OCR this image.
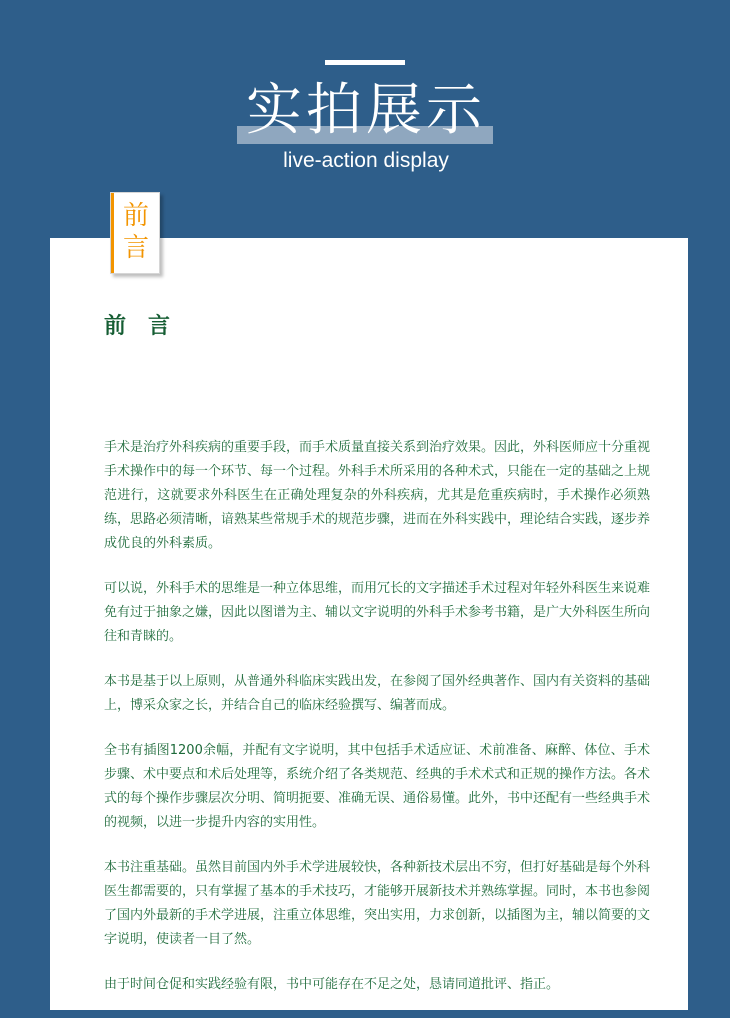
实拍展示
live-action display
前
言
前言

手术是治疗外科疾病的重要手段，而手术质量直接关系到治疗效果。因此，外科医师应十分重视手术操作中的每一个环节、每一个过程。外科手术所采用的各种术式，只能在一定的基础之上规范进行，这就要求外科医生在正确处理复杂的外科疾病，尤其是危重疾病时，手术操作必须熟练，思路必须清晰，谙熟某些常规手术的规范步骤，进而在外科实践中，理论结合实践，逐步养成优良的外科素质。

可以说，外科手术的思维是一种立体思维，而用冗长的文字描述手术过程对年轻外科医生来说难免有过于抽象之嫌，因此以图谱为主、辅以文字说明的外科手术参考书籍，是广大外科医生所向往和青睐的。

本书是基于以上原则，从普通外科临床实践出发，在参阅了国外经典著作、国内有关资料的基础上，博采众家之长，并结合自己的临床经验撰写、编著而成。

全书有插图1200余幅，并配有文字说明，其中包括手术适应证、术前准备、麻醉、体位、手术步骤、术中要点和术后处理等，系统介绍了各类规范、经典的手术术式和正规的操作方法。各术式的每个操作步骤层次分明、简明扼要、准确无误、通俗易懂。此外，书中还配有一些经典手术的视频，以进一步提升内容的实用性。

本书注重基础。虽然目前国内外手术学进展较快，各种新技术层出不穷，但打好基础是每个外科医生都需要的，只有掌握了基本的手术技巧，才能够开展新技术并熟练掌握。同时，本书也参阅了国内外最新的手术学进展，注重立体思维，突出实用，力求创新，以插图为主，辅以简要的文字说明，使读者一目了然。

由于时间仓促和实践经验有限，书中可能存在不足之处，恳请同道批评、指正。
